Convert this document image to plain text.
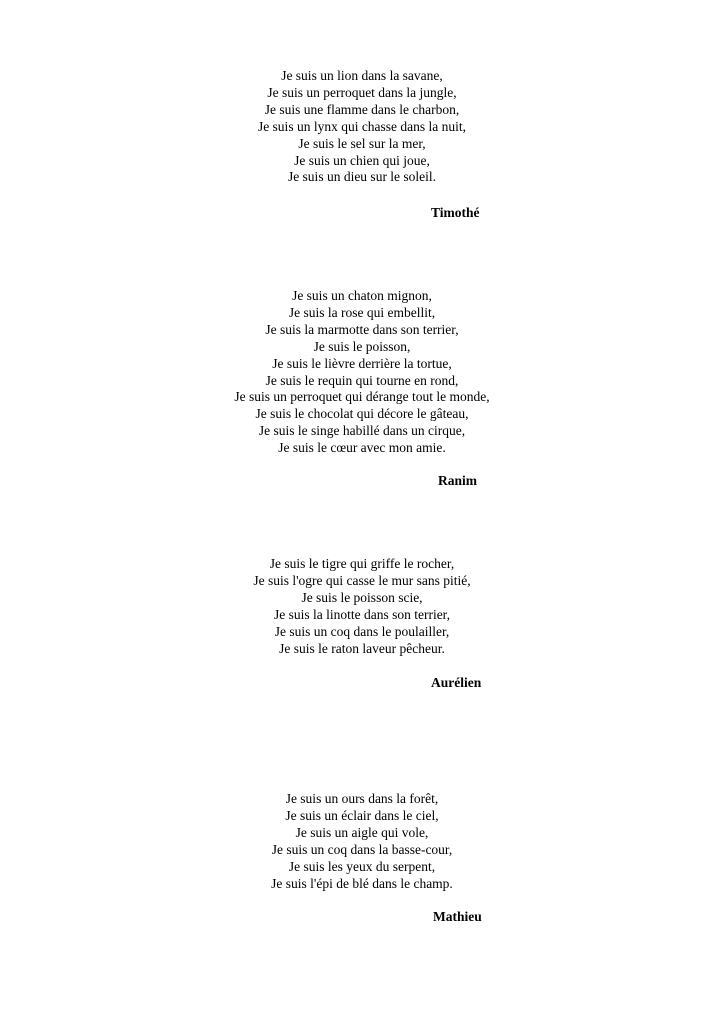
Je suis un lion dans la savane,
Je suis un perroquet dans la jungle,
Je suis une flamme dans le charbon,
Je suis un lynx qui chasse dans la nuit,
Je suis le sel sur la mer,
Je suis un chien qui joue,
Je suis un dieu sur le soleil.
Timothé
Je suis un chaton mignon,
Je suis la rose qui embellit,
Je suis la marmotte dans son terrier,
Je suis le poisson,
Je suis le lièvre derrière la tortue,
Je suis le requin qui tourne en rond,
Je suis un perroquet qui dérange tout le monde,
Je suis le chocolat qui décore le gâteau,
Je suis le singe habillé dans un cirque,
Je suis le cœur avec mon amie.
Ranim
Je suis le tigre qui griffe le rocher,
Je suis l'ogre qui casse le mur sans pitié,
Je suis le poisson scie,
Je suis la linotte dans son terrier,
Je suis un coq dans le poulailler,
Je suis le raton laveur pêcheur.
Aurélien
Je suis un ours dans la forêt,
Je suis un éclair dans le ciel,
Je suis un aigle qui vole,
Je suis un coq dans la basse-cour,
Je suis les yeux du serpent,
Je suis l'épi de blé dans le champ.
Mathieu
